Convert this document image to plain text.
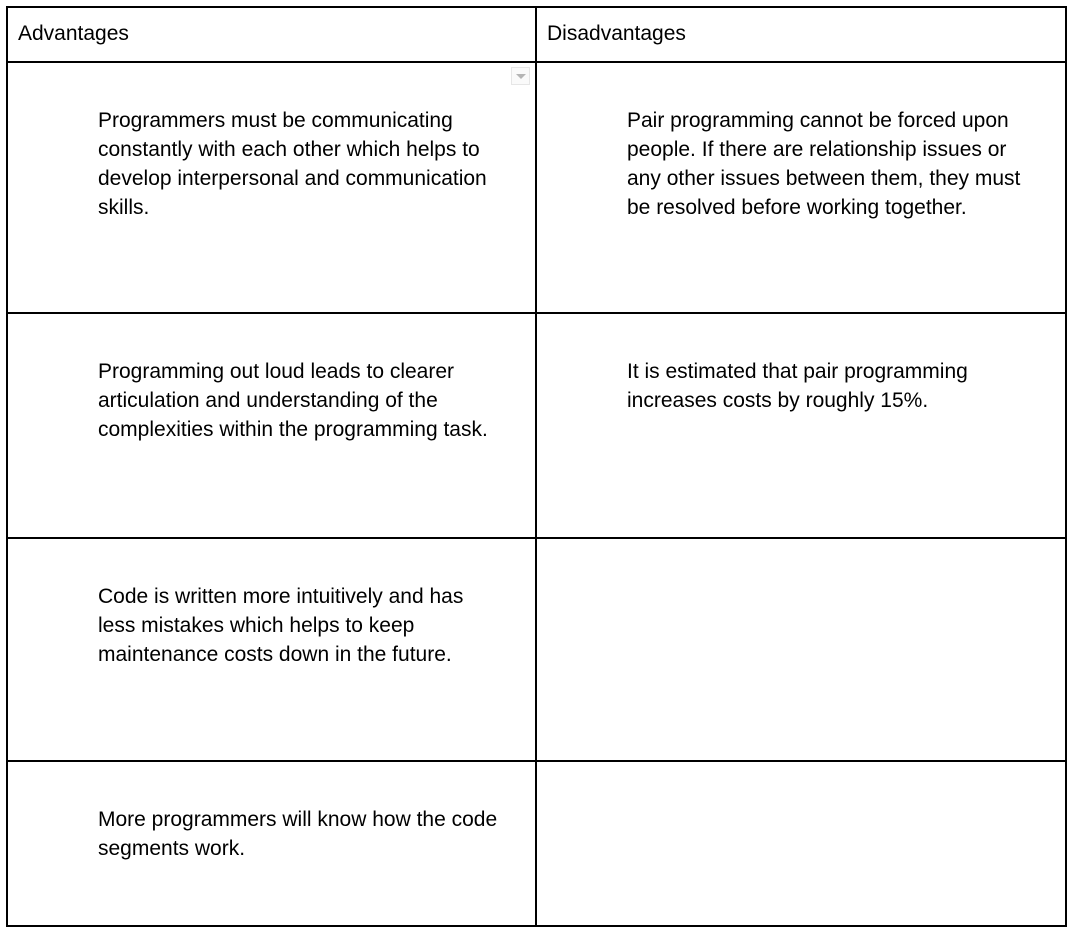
Advantages	Disadvantages
Programmers must be communicating constantly with each other which helps to develop interpersonal and communication skills.
Pair programming cannot be forced upon people. If there are relationship issues or any other issues between them, they must be resolved before working together.
Programming out loud leads to clearer articulation and understanding of the complexities within the programming task.
It is estimated that pair programming increases costs by roughly 15%.
Code is written more intuitively and has less mistakes which helps to keep maintenance costs down in the future.
More programmers will know how the code segments work.
